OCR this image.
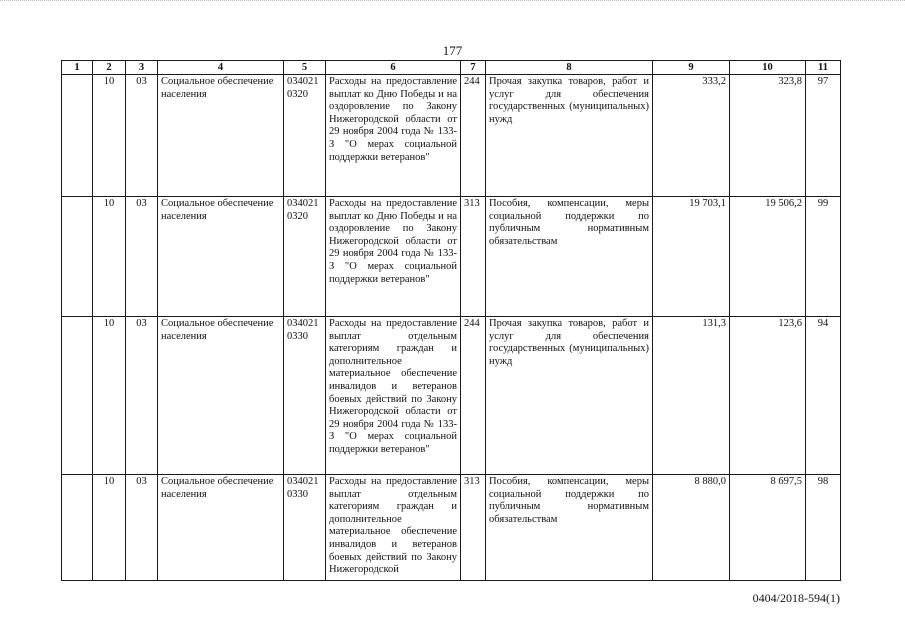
177
1	2	3	4	5	6	7	8	9	10	11
	10	03	Социальное обеспечение населения	034021 0320	Расходы на предоставление выплат ко Дню Победы и на оздоровление по Закону Нижегородской области от 29 ноября 2004 года № 133-З "О мерах социальной поддержки ветеранов"	244	Прочая закупка товаров, работ и услуг для обеспечения государственных (муниципальных) нужд	333,2	323,8	97
	10	03	Социальное обеспечение населения	034021 0320	Расходы на предоставление выплат ко Дню Победы и на оздоровление по Закону Нижегородской области от 29 ноября 2004 года № 133-З "О мерах социальной поддержки ветеранов"	313	Пособия, компенсации, меры социальной поддержки по публичным нормативным обязательствам	19 703,1	19 506,2	99
	10	03	Социальное обеспечение населения	034021 0330	Расходы на предоставление выплат отдельным категориям граждан и дополнительное материальное обеспечение инвалидов и ветеранов боевых действий по Закону Нижегородской области от 29 ноября 2004 года № 133-З "О мерах социальной поддержки ветеранов"	244	Прочая закупка товаров, работ и услуг для обеспечения государственных (муниципальных) нужд	131,3	123,6	94
	10	03	Социальное обеспечение населения	034021 0330	Расходы на предоставление выплат отдельным категориям граждан и дополнительное материальное обеспечение инвалидов и ветеранов боевых действий по Закону Нижегородской	313	Пособия, компенсации, меры социальной поддержки по публичным нормативным обязательствам	8 880,0	8 697,5	98
0404/2018-594(1)
